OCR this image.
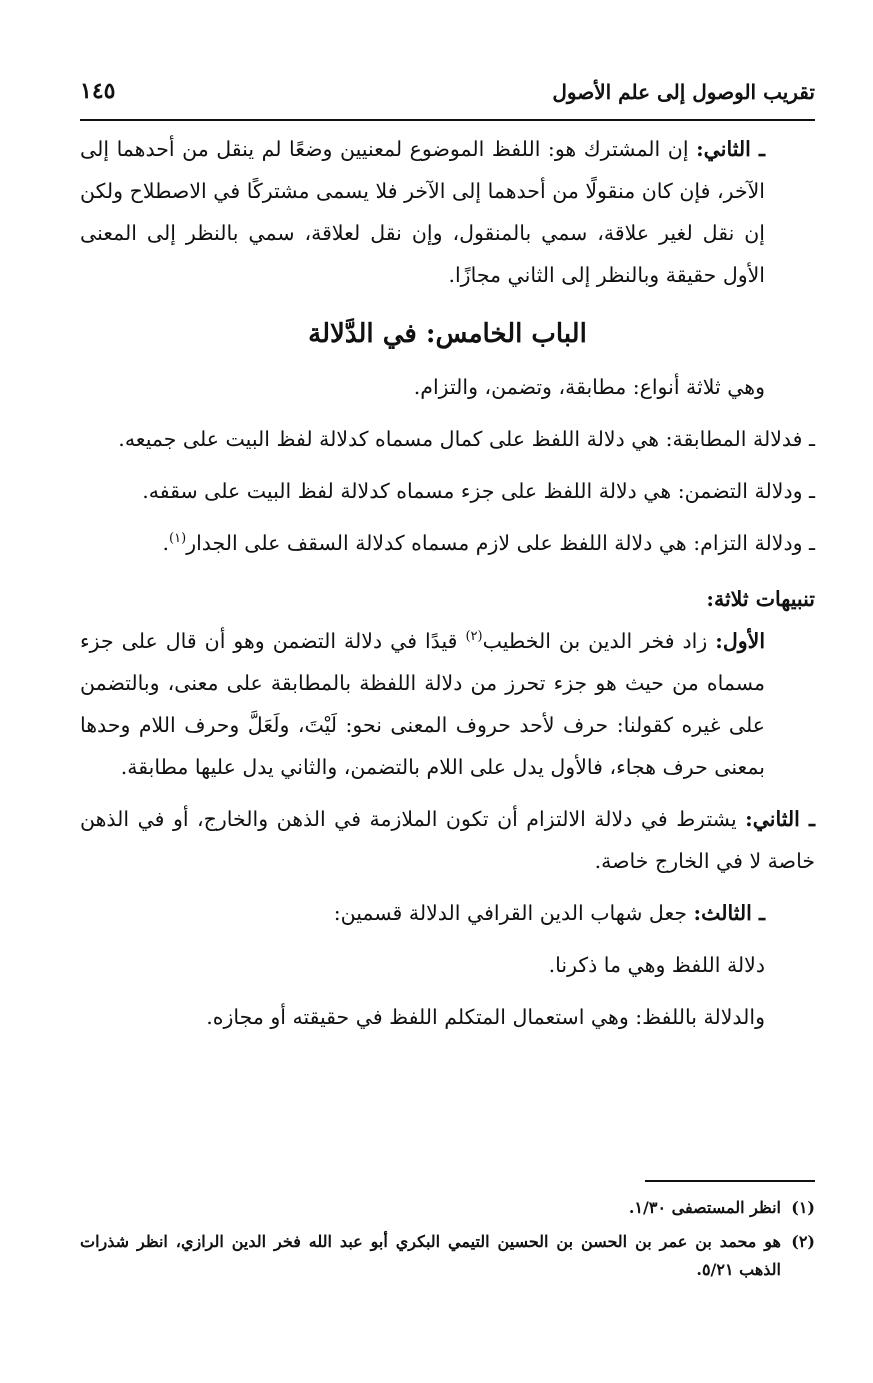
تقريب الوصول إلى علم الأصول
١٤٥

ـ الثاني: إن المشترك هو: اللفظ الموضوع لمعنيين وضعًا لم ينقل من أحدهما إلى الآخر، فإن كان منقولًا من أحدهما إلى الآخر فلا يسمى مشتركًا في الاصطلاح ولكن إن نقل لغير علاقة، سمي بالمنقول، وإن نقل لعلاقة، سمي بالنظر إلى المعنى الأول حقيقة وبالنظر إلى الثاني مجازًا.

الباب الخامس: في الدَّلالة

وهي ثلاثة أنواع: مطابقة، وتضمن، والتزام.

ـ فدلالة المطابقة: هي دلالة اللفظ على كمال مسماه كدلالة لفظ البيت على جميعه.

ـ ودلالة التضمن: هي دلالة اللفظ على جزء مسماه كدلالة لفظ البيت على سقفه.

ـ ودلالة التزام: هي دلالة اللفظ على لازم مسماه كدلالة السقف على الجدار$^{(١)}$.

تنبيهات ثلاثة:

الأول: زاد فخر الدين بن الخطيب$^{(٢)}$ قيدًا في دلالة التضمن وهو أن قال على جزء مسماه من حيث هو جزء تحرز من دلالة اللفظة بالمطابقة على معنى، وبالتضمن على غيره كقولنا: حرف لأحد حروف المعنى نحو: لَيْتَ، ولَعَلَّ وحرف اللام وحدها بمعنى حرف هجاء، فالأول يدل على اللام بالتضمن، والثاني يدل عليها مطابقة.

ـ الثاني: يشترط في دلالة الالتزام أن تكون الملازمة في الذهن والخارج، أو في الذهن خاصة لا في الخارج خاصة.

ـ الثالث: جعل شهاب الدين القرافي الدلالة قسمين:

دلالة اللفظ وهي ما ذكرنا.

والدلالة باللفظ: وهي استعمال المتكلم اللفظ في حقيقته أو مجازه.

(١)انظر المستصفى ١/٣٠.

(٢)هو محمد بن عمر بن الحسن بن الحسين التيمي البكري أبو عبد الله فخر الدين الرازي، انظر شذرات الذهب ٥/٢١.
